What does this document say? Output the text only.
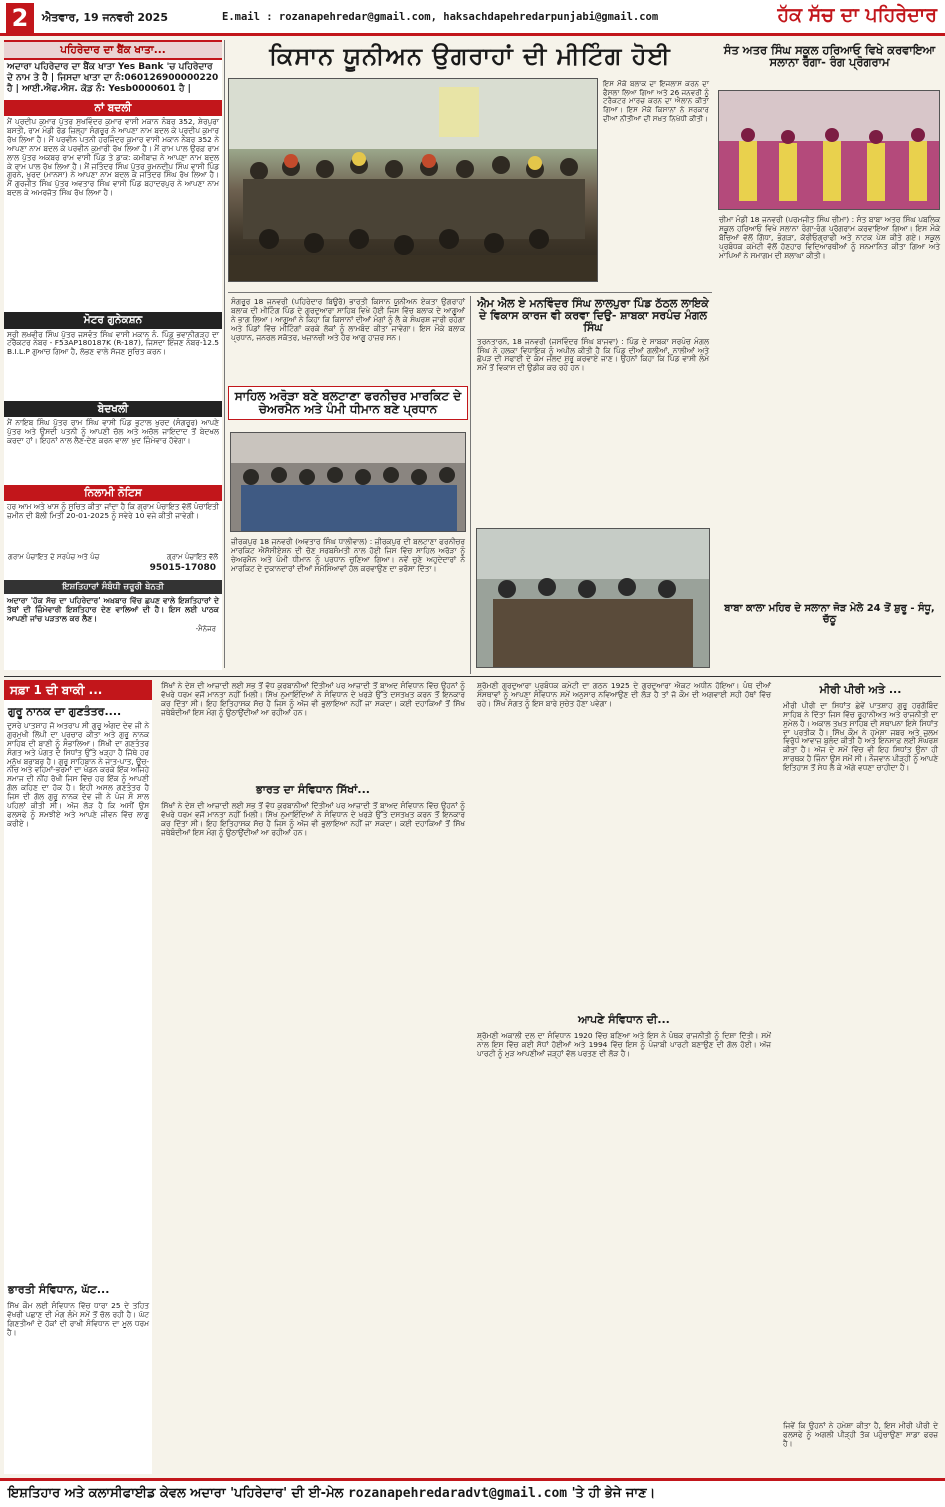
2	ਐਤਵਾਰ, 19 ਜਨਵਰੀ 2025	E.mail : rozanapehredar@gmail.com, haksachdapehredarpunjabi@gmail.com	ਹੱਕ ਸੱਚ ਦਾ ਪਹਿਰੇਦਾਰ
ਪਹਿਰੇਦਾਰ ਦਾ ਬੈਂਕ ਖਾਤਾ...
ਅਦਾਰਾ ਪਹਿਰੇਦਾਰ ਦਾ ਬੈਂਕ ਖਾਤਾ Yes Bank 'ਚ ਪਹਿਰੇਦਾਰ ਦੇ ਨਾਮ ਤੇ ਹੈ | ਜਿਸਦਾ ਖਾਤਾ ਦਾ ਨੰ:060126900000220 ਹੈ | ਆਈ.ਐਫ.ਐਸ. ਕੋਡ ਨੰ: Yesb0000601 ਹੈ |
ਨਾਂ ਬਦਲੀ
ਮੈਂ ਪ੍ਰਦੀਪ ਕੁਮਾਰ ਪੁੱਤਰ ਸੁਖਵਿੰਦਰ ਕੁਮਾਰ ਵਾਸੀ ਮਕਾਨ ਨੰਬਰ 352, ਸ਼ੇਰਪੁਰਾ ਬਸਤੀ, ਰਾਮ ਮੰਡੀ ਰੋਡ ਜ਼ਿਲ੍ਹਾ ਸੰਗਰੂਰ ਨੇ ਆਪਣਾ ਨਾਮ ਬਦਲ ਕੇ ਪ੍ਰਦੀਪ ਕੁਮਾਰ ਰੱਖ ਲਿਆ ਹੈ। ਮੈਂ ਪਰਵੀਨ ਪਤਨੀ ਹਰਜਿੰਦਰ ਕੁਮਾਰ ਵਾਸੀ ਮਕਾਨ ਨੰਬਰ 352 ਨੇ ਆਪਣਾ ਨਾਮ ਬਦਲ ਕੇ ਪਰਵੀਨ ਕੁਮਾਰੀ ਰੱਖ ਲਿਆ ਹੈ। ਮੈਂ ਰਾਮ ਪਾਲ ਉਰਫ਼ ਰਾਮ ਲਾਲ ਪੁੱਤਰ ਅਕਬਰ ਰਾਮ ਵਾਸੀ ਪਿੰਡ ਤੇ ਡਾਕ: ਕਮੀਬਾਜ਼ ਨੇ ਆਪਣਾ ਨਾਮ ਬਦਲ ਕੇ ਰਾਮ ਪਾਲ ਰੱਖ ਲਿਆ ਹੈ। ਮੈਂ ਜਤਿੰਦਰ ਸਿੰਘ ਪੁੱਤਰ ਰਮਨਦੀਪ ਸਿੰਘ ਵਾਸੀ ਪਿੰਡ ਗੁਰਨੇ, ਖੁਰਦ (ਮਾਨਸਾ) ਨੇ ਆਪਣਾ ਨਾਮ ਬਦਲ ਕੇ ਜਤਿੰਦਰ ਸਿੰਘ ਰੱਖ ਲਿਆ ਹੈ। ਮੈਂ ਗੁਰਜੀਤ ਸਿੰਘ ਪੁੱਤਰ ਅਵਤਾਰ ਸਿੰਘ ਵਾਸੀ ਪਿੰਡ ਬਹਾਦਰਪੁਰ ਨੇ ਆਪਣਾ ਨਾਮ ਬਦਲ ਕੇ ਅਮਰਜੋਤ ਸਿੰਘ ਰੱਖ ਲਿਆ ਹੈ।
ਮੋਟਰ ਗੁਨੇਕਸ਼ਨ
ਸ੍ਰੀ ਲਖਵੀਰ ਸਿੰਘ ਪੁੱਤਰ ਜਸਵੰਤ ਸਿੰਘ ਵਾਸੀ ਮਕਾਨ ਨੰ. ਪਿੰਡ ਭਵਾਨੀਗੜ੍ਹ ਦਾ ਟਰੈਕਟਰ ਨੰਬਰ - F53AP180187K (R-187), ਜਿਸਦਾ ਇੰਜਣ ਨੰਬਰ-12.5 B.I.L.P ਗੁਆਚ ਗਿਆ ਹੈ, ਲੱਭਣ ਵਾਲੇ ਸੱਜਣ ਸੂਚਿਤ ਕਰਨ।
ਬੇਦਖਲੀ
ਮੈਂ ਨਾਇਬ ਸਿੰਘ ਪੁੱਤਰ ਰਾਮ ਸਿੰਘ ਵਾਸੀ ਪਿੰਡ ਭੁਟਾਲ ਖੁਰਦ (ਸੰਗਰੂਰ) ਆਪਣੇ ਪੁੱਤਰ ਅਤੇ ਉਸਦੀ ਪਤਨੀ ਨੂੰ ਆਪਣੀ ਚੱਲ ਅਤੇ ਅਚੱਲ ਜਾਇਦਾਦ ਤੋਂ ਬੇਦਖਲ ਕਰਦਾ ਹਾਂ। ਇਹਨਾਂ ਨਾਲ ਲੈਣ-ਦੇਣ ਕਰਨ ਵਾਲਾ ਖੁਦ ਜ਼ਿੰਮੇਵਾਰ ਹੋਵੇਗਾ।
ਨਿਲਾਮੀ ਨੋਟਿਸ
ਹਰ ਆਮ ਅਤੇ ਖਾਸ ਨੂੰ ਸੂਚਿਤ ਕੀਤਾ ਜਾਂਦਾ ਹੈ ਕਿ ਗ੍ਰਾਮ ਪੰਚਾਇਤ ਵੱਲੋਂ ਪੰਚਾਇਤੀ ਜ਼ਮੀਨ ਦੀ ਬੋਲੀ ਮਿਤੀ 20-01-2025 ਨੂੰ ਸਵੇਰੇ 10 ਵਜੇ ਕੀਤੀ ਜਾਵੇਗੀ।
ਗਰਾਮ ਪੰਚਾਇਤ ਦੇ ਸਰਪੰਚ ਅਤੇ ਪੰਚ	ਗ੍ਰਾਮ ਪੰਚਾਇਤ ਵੱਲੋਂ
95015-17080
ਇਸ਼ਤਿਹਾਰਾਂ ਸੰਬੰਧੀ ਜ਼ਰੂਰੀ ਬੇਨਤੀ
ਅਦਾਰਾ 'ਹੱਕ ਸੱਚ ਦਾ ਪਹਿਰੇਦਾਰ' ਅਖ਼ਬਾਰ ਵਿੱਚ ਛਪਣ ਵਾਲੇ ਇਸ਼ਤਿਹਾਰਾਂ ਦੇ ਤੱਥਾਂ ਦੀ ਜ਼ਿੰਮੇਵਾਰੀ ਇਸ਼ਤਿਹਾਰ ਦੇਣ ਵਾਲਿਆਂ ਦੀ ਹੈ। ਇਸ ਲਈ ਪਾਠਕ ਆਪਣੀ ਜਾਂਚ ਪੜਤਾਲ ਕਰ ਲੈਣ।
-ਮੈਨੇਜਰ
ਕਿਸਾਨ ਯੂਨੀਅਨ ਉਗਰਾਹਾਂ ਦੀ ਮੀਟਿੰਗ ਹੋਈ
ਇਸ ਮੌਕੇ ਬਲਾਕ ਦਾ ਇਜਲਾਸ ਕਰਨ ਦਾ ਫੈਸਲਾ ਲਿਆ ਗਿਆ ਅਤੇ 26 ਜਨਵਰੀ ਨੂੰ ਟਰੈਕਟਰ ਮਾਰਚ ਕਰਨ ਦਾ ਐਲਾਨ ਕੀਤਾ ਗਿਆ। ਇਸ ਮੌਕੇ ਕਿਸਾਨਾਂ ਨੇ ਸਰਕਾਰ ਦੀਆਂ ਨੀਤੀਆਂ ਦੀ ਸਖ਼ਤ ਨਿਖੇਧੀ ਕੀਤੀ।
ਸੰਤ ਅਤਰ ਸਿੰਘ ਸਕੂਲ ਹਰਿਆਓ ਵਿਖੇ ਕਰਵਾਇਆ ਸਲਾਨਾ ਰੰਗਾ- ਰੰਗ ਪ੍ਰੋਗਰਾਮ
ਚੀਮਾ ਮੰਡੀ 18 ਜਨਵਰੀ (ਪਰਮਜੀਤ ਸਿੰਘ ਚੀਮਾ) : ਸੰਤ ਬਾਬਾ ਅਤਰ ਸਿੰਘ ਪਬਲਿਕ ਸਕੂਲ ਹਰਿਆਓ ਵਿਖੇ ਸਲਾਨਾ ਰੰਗਾ-ਰੰਗ ਪ੍ਰੋਗਰਾਮ ਕਰਵਾਇਆ ਗਿਆ। ਇਸ ਮੌਕੇ ਬੱਚਿਆਂ ਵੱਲੋਂ ਗਿੱਧਾ, ਭੰਗੜਾ, ਕੋਰੀਓਗ੍ਰਾਫੀ ਅਤੇ ਨਾਟਕ ਪੇਸ਼ ਕੀਤੇ ਗਏ। ਸਕੂਲ ਪ੍ਰਬੰਧਕ ਕਮੇਟੀ ਵੱਲੋਂ ਹੋਣਹਾਰ ਵਿਦਿਆਰਥੀਆਂ ਨੂੰ ਸਨਮਾਨਿਤ ਕੀਤਾ ਗਿਆ ਅਤੇ ਮਾਪਿਆਂ ਨੇ ਸਮਾਗਮ ਦੀ ਸ਼ਲਾਘਾ ਕੀਤੀ।
ਸੰਗਰੂਰ 18 ਜਨਵਰੀ (ਪਹਿਰੇਦਾਰ ਬਿਊਰੋ) ਭਾਰਤੀ ਕਿਸਾਨ ਯੂਨੀਅਨ ਏਕਤਾ ਉਗਰਾਹਾਂ ਬਲਾਕ ਦੀ ਮੀਟਿੰਗ ਪਿੰਡ ਦੇ ਗੁਰਦੁਆਰਾ ਸਾਹਿਬ ਵਿਖੇ ਹੋਈ ਜਿਸ ਵਿੱਚ ਬਲਾਕ ਦੇ ਆਗੂਆਂ ਨੇ ਭਾਗ ਲਿਆ। ਆਗੂਆਂ ਨੇ ਕਿਹਾ ਕਿ ਕਿਸਾਨਾਂ ਦੀਆਂ ਮੰਗਾਂ ਨੂੰ ਲੈ ਕੇ ਸੰਘਰਸ਼ ਜਾਰੀ ਰਹੇਗਾ ਅਤੇ ਪਿੰਡਾਂ ਵਿੱਚ ਮੀਟਿੰਗਾਂ ਕਰਕੇ ਲੋਕਾਂ ਨੂੰ ਲਾਮਬੰਦ ਕੀਤਾ ਜਾਵੇਗਾ। ਇਸ ਮੌਕੇ ਬਲਾਕ ਪ੍ਰਧਾਨ, ਜਨਰਲ ਸਕੱਤਰ, ਖਜ਼ਾਨਚੀ ਅਤੇ ਹੋਰ ਆਗੂ ਹਾਜ਼ਰ ਸਨ।
ਸਾਹਿਲ ਅਰੋੜਾ ਬਣੇ ਬਲਟਾਣਾ ਫਰਨੀਚਰ ਮਾਰਕਿਟ ਦੇ ਚੇਅਰਮੈਨ ਅਤੇ ਪੰਮੀ ਧੀਮਾਨ ਬਣੇ ਪ੍ਰਧਾਨ
ਜ਼ੀਰਕਪੁਰ 18 ਜਨਵਰੀ (ਅਵਤਾਰ ਸਿੰਘ ਧਾਲੀਵਾਲ) : ਜ਼ੀਰਕਪੁਰ ਦੀ ਬਲਟਾਣਾ ਫਰਨੀਚਰ ਮਾਰਕਿਟ ਐਸੋਸੀਏਸ਼ਨ ਦੀ ਚੋਣ ਸਰਬਸੰਮਤੀ ਨਾਲ ਹੋਈ ਜਿਸ ਵਿੱਚ ਸਾਹਿਲ ਅਰੋੜਾ ਨੂੰ ਚੇਅਰਮੈਨ ਅਤੇ ਪੰਮੀ ਧੀਮਾਨ ਨੂੰ ਪ੍ਰਧਾਨ ਚੁਣਿਆ ਗਿਆ। ਨਵੇਂ ਚੁਣੇ ਅਹੁਦੇਦਾਰਾਂ ਨੇ ਮਾਰਕਿਟ ਦੇ ਦੁਕਾਨਦਾਰਾਂ ਦੀਆਂ ਸਮੱਸਿਆਵਾਂ ਹੱਲ ਕਰਵਾਉਣ ਦਾ ਭਰੋਸਾ ਦਿੱਤਾ।
ਐਮ ਐਲ ਏ ਮਨਵਿੰਦਰ ਸਿੰਘ ਲਾਲਪੁਰਾ ਪਿੰਡ ਠੱਠਲ ਲਾਇਕੇ ਦੇ ਵਿਕਾਸ ਕਾਰਜ ਵੀ ਕਰਵਾ ਦਿਉ- ਸ਼ਾਬਕਾ ਸਰਪੰਚ ਮੰਗਲ ਸਿੰਘ
ਤਰਨਤਾਰਨ, 18 ਜਨਵਰੀ (ਜਸਵਿੰਦਰ ਸਿੰਘ ਬਾਜਵਾ) : ਪਿੰਡ ਦੇ ਸਾਬਕਾ ਸਰਪੰਚ ਮੰਗਲ ਸਿੰਘ ਨੇ ਹਲਕਾ ਵਿਧਾਇਕ ਨੂੰ ਅਪੀਲ ਕੀਤੀ ਹੈ ਕਿ ਪਿੰਡ ਦੀਆਂ ਗਲੀਆਂ, ਨਾਲੀਆਂ ਅਤੇ ਛੱਪੜ ਦੀ ਸਫਾਈ ਦੇ ਕੰਮ ਜਲਦ ਸ਼ੁਰੂ ਕਰਵਾਏ ਜਾਣ। ਉਹਨਾਂ ਕਿਹਾ ਕਿ ਪਿੰਡ ਵਾਸੀ ਲੰਮੇ ਸਮੇਂ ਤੋਂ ਵਿਕਾਸ ਦੀ ਉਡੀਕ ਕਰ ਰਹੇ ਹਨ।
ਬਾਬਾ ਕਾਲਾ ਮਹਿਰ ਦੇ ਸਲਾਨਾ ਜੋੜ ਮੇਲੇ 24 ਤੋਂ ਸ਼ੁਰੂ - ਸੰਧੂ, ਚੱਠੂ
ਸਫ਼ਾ 1 ਦੀ ਬਾਕੀ ...
ਗੁਰੂ ਨਾਨਕ ਦਾ ਗੁਣਤੰਤਰ....
ਦੁਸਰੇ ਪਾਤਸ਼ਾਹ ਜੋ ਅਤਰਾਪ ਸੀ ਗੁਰੂ ਅੰਗਦ ਦੇਵ ਜੀ ਨੇ ਗੁਰਮੁਖੀ ਲਿੱਪੀ ਦਾ ਪ੍ਰਚਾਰ ਕੀਤਾ ਅਤੇ ਗੁਰੂ ਨਾਨਕ ਸਾਹਿਬ ਦੀ ਬਾਣੀ ਨੂੰ ਸੰਭਾਲਿਆ। ਸਿੱਖੀ ਦਾ ਗਣਤੰਤਰ ਸੰਗਤ ਅਤੇ ਪੰਗਤ ਦੇ ਸਿਧਾਂਤ ਉੱਤੇ ਖੜ੍ਹਾ ਹੈ ਜਿੱਥੇ ਹਰ ਮਨੁੱਖ ਬਰਾਬਰ ਹੈ। ਗੁਰੂ ਸਾਹਿਬਾਨ ਨੇ ਜਾਤ-ਪਾਤ, ਊਚ-ਨੀਚ ਅਤੇ ਵਹਿਮਾਂ-ਭਰਮਾਂ ਦਾ ਖੰਡਨ ਕਰਕੇ ਇੱਕ ਅਜਿਹੇ ਸਮਾਜ ਦੀ ਨੀਂਹ ਰੱਖੀ ਜਿਸ ਵਿੱਚ ਹਰ ਇੱਕ ਨੂੰ ਆਪਣੀ ਗੱਲ ਕਹਿਣ ਦਾ ਹੱਕ ਹੈ। ਇਹੀ ਅਸਲ ਗਣਤੰਤਰ ਹੈ ਜਿਸ ਦੀ ਗੱਲ ਗੁਰੂ ਨਾਨਕ ਦੇਵ ਜੀ ਨੇ ਪੰਜ ਸੌ ਸਾਲ ਪਹਿਲਾਂ ਕੀਤੀ ਸੀ। ਅੱਜ ਲੋੜ ਹੈ ਕਿ ਅਸੀਂ ਉਸ ਫਲਸਫੇ ਨੂੰ ਸਮਝੀਏ ਅਤੇ ਆਪਣੇ ਜੀਵਨ ਵਿੱਚ ਲਾਗੂ ਕਰੀਏ।
ਭਾਰਤੀ ਸੰਵਿਧਾਨ, ਘੱਟ...
ਸਿੱਖ ਕੌਮ ਲਈ ਸੰਵਿਧਾਨ ਵਿੱਚ ਧਾਰਾ 25 ਦੇ ਤਹਿਤ ਵੱਖਰੀ ਪਛਾਣ ਦੀ ਮੰਗ ਲੰਮੇ ਸਮੇਂ ਤੋਂ ਚੱਲ ਰਹੀ ਹੈ। ਘੱਟ ਗਿਣਤੀਆਂ ਦੇ ਹੱਕਾਂ ਦੀ ਰਾਖੀ ਸੰਵਿਧਾਨ ਦਾ ਮੂਲ ਧਰਮ ਹੈ।
ਸਿੱਖਾਂ ਨੇ ਦੇਸ਼ ਦੀ ਆਜ਼ਾਦੀ ਲਈ ਸਭ ਤੋਂ ਵੱਧ ਕੁਰਬਾਨੀਆਂ ਦਿੱਤੀਆਂ ਪਰ ਆਜ਼ਾਦੀ ਤੋਂ ਬਾਅਦ ਸੰਵਿਧਾਨ ਵਿੱਚ ਉਹਨਾਂ ਨੂੰ ਵੱਖਰੇ ਧਰਮ ਵਜੋਂ ਮਾਨਤਾ ਨਹੀਂ ਮਿਲੀ। ਸਿੱਖ ਨੁਮਾਇੰਦਿਆਂ ਨੇ ਸੰਵਿਧਾਨ ਦੇ ਖਰੜੇ ਉੱਤੇ ਦਸਤਖ਼ਤ ਕਰਨ ਤੋਂ ਇਨਕਾਰ ਕਰ ਦਿੱਤਾ ਸੀ। ਇਹ ਇਤਿਹਾਸਕ ਸੱਚ ਹੈ ਜਿਸ ਨੂੰ ਅੱਜ ਵੀ ਭੁਲਾਇਆ ਨਹੀਂ ਜਾ ਸਕਦਾ। ਕਈ ਦਹਾਕਿਆਂ ਤੋਂ ਸਿੱਖ ਜਥੇਬੰਦੀਆਂ ਇਸ ਮੰਗ ਨੂੰ ਉਠਾਉਂਦੀਆਂ ਆ ਰਹੀਆਂ ਹਨ।
ਭਾਰਤ ਦਾ ਸੰਵਿਧਾਨ ਸਿੱਖਾਂ...
ਸਿੱਖਾਂ ਨੇ ਦੇਸ਼ ਦੀ ਆਜ਼ਾਦੀ ਲਈ ਸਭ ਤੋਂ ਵੱਧ ਕੁਰਬਾਨੀਆਂ ਦਿੱਤੀਆਂ ਪਰ ਆਜ਼ਾਦੀ ਤੋਂ ਬਾਅਦ ਸੰਵਿਧਾਨ ਵਿੱਚ ਉਹਨਾਂ ਨੂੰ ਵੱਖਰੇ ਧਰਮ ਵਜੋਂ ਮਾਨਤਾ ਨਹੀਂ ਮਿਲੀ। ਸਿੱਖ ਨੁਮਾਇੰਦਿਆਂ ਨੇ ਸੰਵਿਧਾਨ ਦੇ ਖਰੜੇ ਉੱਤੇ ਦਸਤਖ਼ਤ ਕਰਨ ਤੋਂ ਇਨਕਾਰ ਕਰ ਦਿੱਤਾ ਸੀ। ਇਹ ਇਤਿਹਾਸਕ ਸੱਚ ਹੈ ਜਿਸ ਨੂੰ ਅੱਜ ਵੀ ਭੁਲਾਇਆ ਨਹੀਂ ਜਾ ਸਕਦਾ। ਕਈ ਦਹਾਕਿਆਂ ਤੋਂ ਸਿੱਖ ਜਥੇਬੰਦੀਆਂ ਇਸ ਮੰਗ ਨੂੰ ਉਠਾਉਂਦੀਆਂ ਆ ਰਹੀਆਂ ਹਨ।
ਸ਼੍ਰੋਮਣੀ ਗੁਰਦੁਆਰਾ ਪ੍ਰਬੰਧਕ ਕਮੇਟੀ ਦਾ ਗਠਨ 1925 ਦੇ ਗੁਰਦੁਆਰਾ ਐਕਟ ਅਧੀਨ ਹੋਇਆ। ਪੰਥ ਦੀਆਂ ਸੰਸਥਾਵਾਂ ਨੂੰ ਆਪਣਾ ਸੰਵਿਧਾਨ ਸਮੇਂ ਅਨੁਸਾਰ ਨਵਿਆਉਣ ਦੀ ਲੋੜ ਹੈ ਤਾਂ ਜੋ ਕੌਮ ਦੀ ਅਗਵਾਈ ਸਹੀ ਹੱਥਾਂ ਵਿੱਚ ਰਹੇ। ਸਿੱਖ ਸੰਗਤ ਨੂੰ ਇਸ ਬਾਰੇ ਸੁਚੇਤ ਹੋਣਾ ਪਵੇਗਾ।
ਆਪਣੇ ਸੰਵਿਧਾਨ ਦੀ...
ਸ਼੍ਰੋਮਣੀ ਅਕਾਲੀ ਦਲ ਦਾ ਸੰਵਿਧਾਨ 1920 ਵਿੱਚ ਬਣਿਆ ਅਤੇ ਇਸ ਨੇ ਪੰਥਕ ਰਾਜਨੀਤੀ ਨੂੰ ਦਿਸ਼ਾ ਦਿੱਤੀ। ਸਮੇਂ ਨਾਲ ਇਸ ਵਿੱਚ ਕਈ ਸੋਧਾਂ ਹੋਈਆਂ ਅਤੇ 1994 ਵਿੱਚ ਇਸ ਨੂੰ ਪੰਜਾਬੀ ਪਾਰਟੀ ਬਣਾਉਣ ਦੀ ਗੱਲ ਹੋਈ। ਅੱਜ ਪਾਰਟੀ ਨੂੰ ਮੁੜ ਆਪਣੀਆਂ ਜੜ੍ਹਾਂ ਵੱਲ ਪਰਤਣ ਦੀ ਲੋੜ ਹੈ।
ਮੀਰੀ ਪੀਰੀ ਅਤੇ ...
ਮੀਰੀ ਪੀਰੀ ਦਾ ਸਿਧਾਂਤ ਛੇਵੇਂ ਪਾਤਸ਼ਾਹ ਗੁਰੂ ਹਰਗੋਬਿੰਦ ਸਾਹਿਬ ਨੇ ਦਿੱਤਾ ਜਿਸ ਵਿੱਚ ਰੂਹਾਨੀਅਤ ਅਤੇ ਰਾਜਨੀਤੀ ਦਾ ਸੁਮੇਲ ਹੈ। ਅਕਾਲ ਤਖ਼ਤ ਸਾਹਿਬ ਦੀ ਸਥਾਪਨਾ ਇਸੇ ਸਿਧਾਂਤ ਦਾ ਪ੍ਰਤੀਕ ਹੈ। ਸਿੱਖ ਕੌਮ ਨੇ ਹਮੇਸ਼ਾ ਜਬਰ ਅਤੇ ਜ਼ੁਲਮ ਵਿਰੁੱਧ ਆਵਾਜ਼ ਬੁਲੰਦ ਕੀਤੀ ਹੈ ਅਤੇ ਇਨਸਾਫ਼ ਲਈ ਸੰਘਰਸ਼ ਕੀਤਾ ਹੈ। ਅੱਜ ਦੇ ਸਮੇਂ ਵਿੱਚ ਵੀ ਇਹ ਸਿਧਾਂਤ ਉਨਾ ਹੀ ਸਾਰਥਕ ਹੈ ਜਿੰਨਾ ਉਸ ਸਮੇਂ ਸੀ। ਨੌਜਵਾਨ ਪੀੜ੍ਹੀ ਨੂੰ ਆਪਣੇ ਇਤਿਹਾਸ ਤੋਂ ਸੇਧ ਲੈ ਕੇ ਅੱਗੇ ਵਧਣਾ ਚਾਹੀਦਾ ਹੈ।
ਜਿਵੇਂ ਕਿ ਉਹਨਾਂ ਨੇ ਹਮੇਸ਼ਾ ਕੀਤਾ ਹੈ, ਇਸ ਮੀਰੀ ਪੀਰੀ ਦੇ ਫਲਸਫੇ ਨੂੰ ਅਗਲੀ ਪੀੜ੍ਹੀ ਤੱਕ ਪਹੁੰਚਾਉਣਾ ਸਾਡਾ ਫਰਜ਼ ਹੈ।
ਇਸ਼ਤਿਹਾਰ ਅਤੇ ਕਲਾਸੀਫਾਈਡ ਕੇਵਲ ਅਦਾਰਾ 'ਪਹਿਰੇਦਾਰ' ਦੀ ਈ-ਮੇਲ rozanapehredaradvt@gmail.com 'ਤੇ ਹੀ ਭੇਜੇ ਜਾਣ।
